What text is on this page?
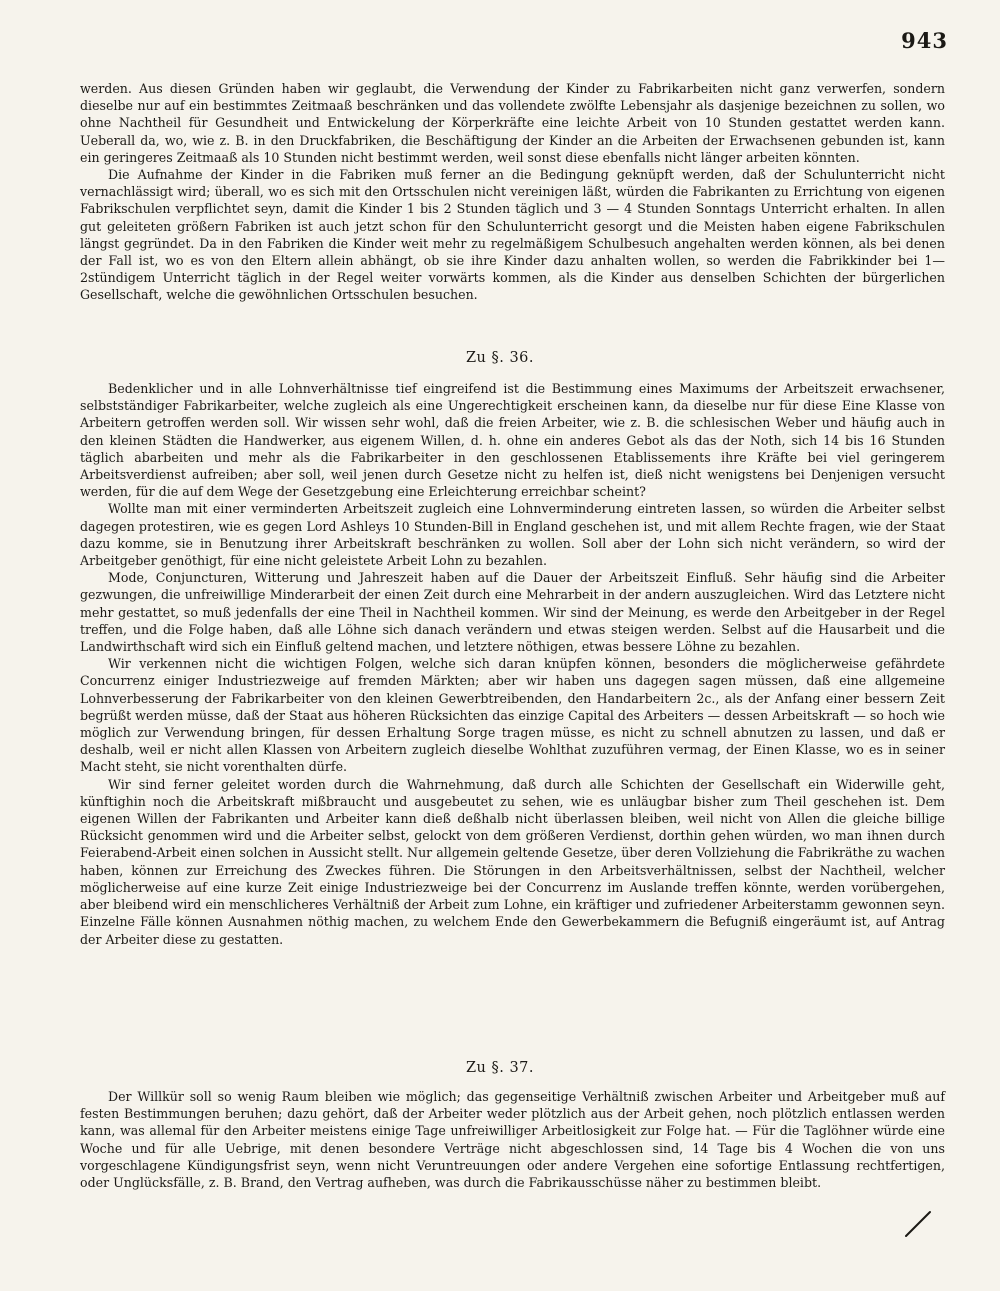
943

werden. Aus diesen Gründen haben wir geglaubt, die Verwendung der Kinder zu Fabrikarbeiten nicht ganz verwerfen, sondern dieselbe nur auf ein bestimmtes Zeitmaaß beschränken und das vollendete zwölfte Lebensjahr als dasjenige bezeichnen zu sollen, wo ohne Nachtheil für Gesundheit und Entwickelung der Körperkräfte eine leichte Arbeit von 10 Stunden gestattet werden kann. Ueberall da, wo, wie z. B. in den Druckfabriken, die Beschäftigung der Kinder an die Arbeiten der Erwachsenen gebunden ist, kann ein geringeres Zeitmaaß als 10 Stunden nicht bestimmt werden, weil sonst diese ebenfalls nicht länger arbeiten könnten.

Die Aufnahme der Kinder in die Fabriken muß ferner an die Bedingung geknüpft werden, daß der Schulunterricht nicht vernachlässigt wird; überall, wo es sich mit den Ortsschulen nicht vereinigen läßt, würden die Fabrikanten zu Errichtung von eigenen Fabrikschulen verpflichtet seyn, damit die Kinder 1 bis 2 Stunden täglich und 3 — 4 Stunden Sonntags Unterricht erhalten. In allen gut geleiteten größern Fabriken ist auch jetzt schon für den Schulunterricht gesorgt und die Meisten haben eigene Fabrikschulen längst gegründet. Da in den Fabriken die Kinder weit mehr zu regelmäßigem Schulbesuch angehalten werden können, als bei denen der Fall ist, wo es von den Eltern allein abhängt, ob sie ihre Kinder dazu anhalten wollen, so werden die Fabrikkinder bei 1—2stündigem Unterricht täglich in der Regel weiter vorwärts kommen, als die Kinder aus denselben Schichten der bürgerlichen Gesellschaft, welche die gewöhnlichen Ortsschulen besuchen.

Zu §. 36.

Bedenklicher und in alle Lohnverhältnisse tief eingreifend ist die Bestimmung eines Maximums der Arbeitszeit erwachsener, selbstständiger Fabrikarbeiter, welche zugleich als eine Ungerechtigkeit erscheinen kann, da dieselbe nur für diese Eine Klasse von Arbeitern getroffen werden soll. Wir wissen sehr wohl, daß die freien Arbeiter, wie z. B. die schlesischen Weber und häufig auch in den kleinen Städten die Handwerker, aus eigenem Willen, d. h. ohne ein anderes Gebot als das der Noth, sich 14 bis 16 Stunden täglich abarbeiten und mehr als die Fabrikarbeiter in den geschlossenen Etablissements ihre Kräfte bei viel geringerem Arbeitsverdienst aufreiben; aber soll, weil jenen durch Gesetze nicht zu helfen ist, dieß nicht wenigstens bei Denjenigen versucht werden, für die auf dem Wege der Gesetzgebung eine Erleichterung erreichbar scheint?

Wollte man mit einer verminderten Arbeitszeit zugleich eine Lohnverminderung eintreten lassen, so würden die Arbeiter selbst dagegen protestiren, wie es gegen Lord Ashleys 10 Stunden-Bill in England geschehen ist, und mit allem Rechte fragen, wie der Staat dazu komme, sie in Benutzung ihrer Arbeitskraft beschränken zu wollen. Soll aber der Lohn sich nicht verändern, so wird der Arbeitgeber genöthigt, für eine nicht geleistete Arbeit Lohn zu bezahlen.

Mode, Conjuncturen, Witterung und Jahreszeit haben auf die Dauer der Arbeitszeit Einfluß. Sehr häufig sind die Arbeiter gezwungen, die unfreiwillige Minderarbeit der einen Zeit durch eine Mehrarbeit in der andern auszugleichen. Wird das Letztere nicht mehr gestattet, so muß jedenfalls der eine Theil in Nachtheil kommen. Wir sind der Meinung, es werde den Arbeitgeber in der Regel treffen, und die Folge haben, daß alle Löhne sich danach verändern und etwas steigen werden. Selbst auf die Hausarbeit und die Landwirthschaft wird sich ein Einfluß geltend machen, und letztere nöthigen, etwas bessere Löhne zu bezahlen.

Wir verkennen nicht die wichtigen Folgen, welche sich daran knüpfen können, besonders die möglicherweise gefährdete Concurrenz einiger Industriezweige auf fremden Märkten; aber wir haben uns dagegen sagen müssen, daß eine allgemeine Lohnverbesserung der Fabrikarbeiter von den kleinen Gewerbtreibenden, den Handarbeitern 2c., als der Anfang einer bessern Zeit begrüßt werden müsse, daß der Staat aus höheren Rücksichten das einzige Capital des Arbeiters — dessen Arbeitskraft — so hoch wie möglich zur Verwendung bringen, für dessen Erhaltung Sorge tragen müsse, es nicht zu schnell abnutzen zu lassen, und daß er deshalb, weil er nicht allen Klassen von Arbeitern zugleich dieselbe Wohlthat zuzuführen vermag, der Einen Klasse, wo es in seiner Macht steht, sie nicht vorenthalten dürfe.

Wir sind ferner geleitet worden durch die Wahrnehmung, daß durch alle Schichten der Gesellschaft ein Widerwille geht, künftighin noch die Arbeitskraft mißbraucht und ausgebeutet zu sehen, wie es unläugbar bisher zum Theil geschehen ist. Dem eigenen Willen der Fabrikanten und Arbeiter kann dieß deßhalb nicht überlassen bleiben, weil nicht von Allen die gleiche billige Rücksicht genommen wird und die Arbeiter selbst, gelockt von dem größeren Verdienst, dorthin gehen würden, wo man ihnen durch Feierabend-Arbeit einen solchen in Aussicht stellt. Nur allgemein geltende Gesetze, über deren Vollziehung die Fabrikräthe zu wachen haben, können zur Erreichung des Zweckes führen. Die Störungen in den Arbeitsverhältnissen, selbst der Nachtheil, welcher möglicherweise auf eine kurze Zeit einige Industriezweige bei der Concurrenz im Auslande treffen könnte, werden vorübergehen, aber bleibend wird ein menschlicheres Verhältniß der Arbeit zum Lohne, ein kräftiger und zufriedener Arbeiterstamm gewonnen seyn. Einzelne Fälle können Ausnahmen nöthig machen, zu welchem Ende den Gewerbekammern die Befugniß eingeräumt ist, auf Antrag der Arbeiter diese zu gestatten.

Zu §. 37.

Der Willkür soll so wenig Raum bleiben wie möglich; das gegenseitige Verhältniß zwischen Arbeiter und Arbeitgeber muß auf festen Bestimmungen beruhen; dazu gehört, daß der Arbeiter weder plötzlich aus der Arbeit gehen, noch plötzlich entlassen werden kann, was allemal für den Arbeiter meistens einige Tage unfreiwilliger Arbeitlosigkeit zur Folge hat. — Für die Taglöhner würde eine Woche und für alle Uebrige, mit denen besondere Verträge nicht abgeschlossen sind, 14 Tage bis 4 Wochen die von uns vorgeschlagene Kündigungsfrist seyn, wenn nicht Veruntreuungen oder andere Vergehen eine sofortige Entlassung rechtfertigen, oder Unglücksfälle, z. B. Brand, den Vertrag aufheben, was durch die Fabrikausschüsse näher zu bestimmen bleibt.
